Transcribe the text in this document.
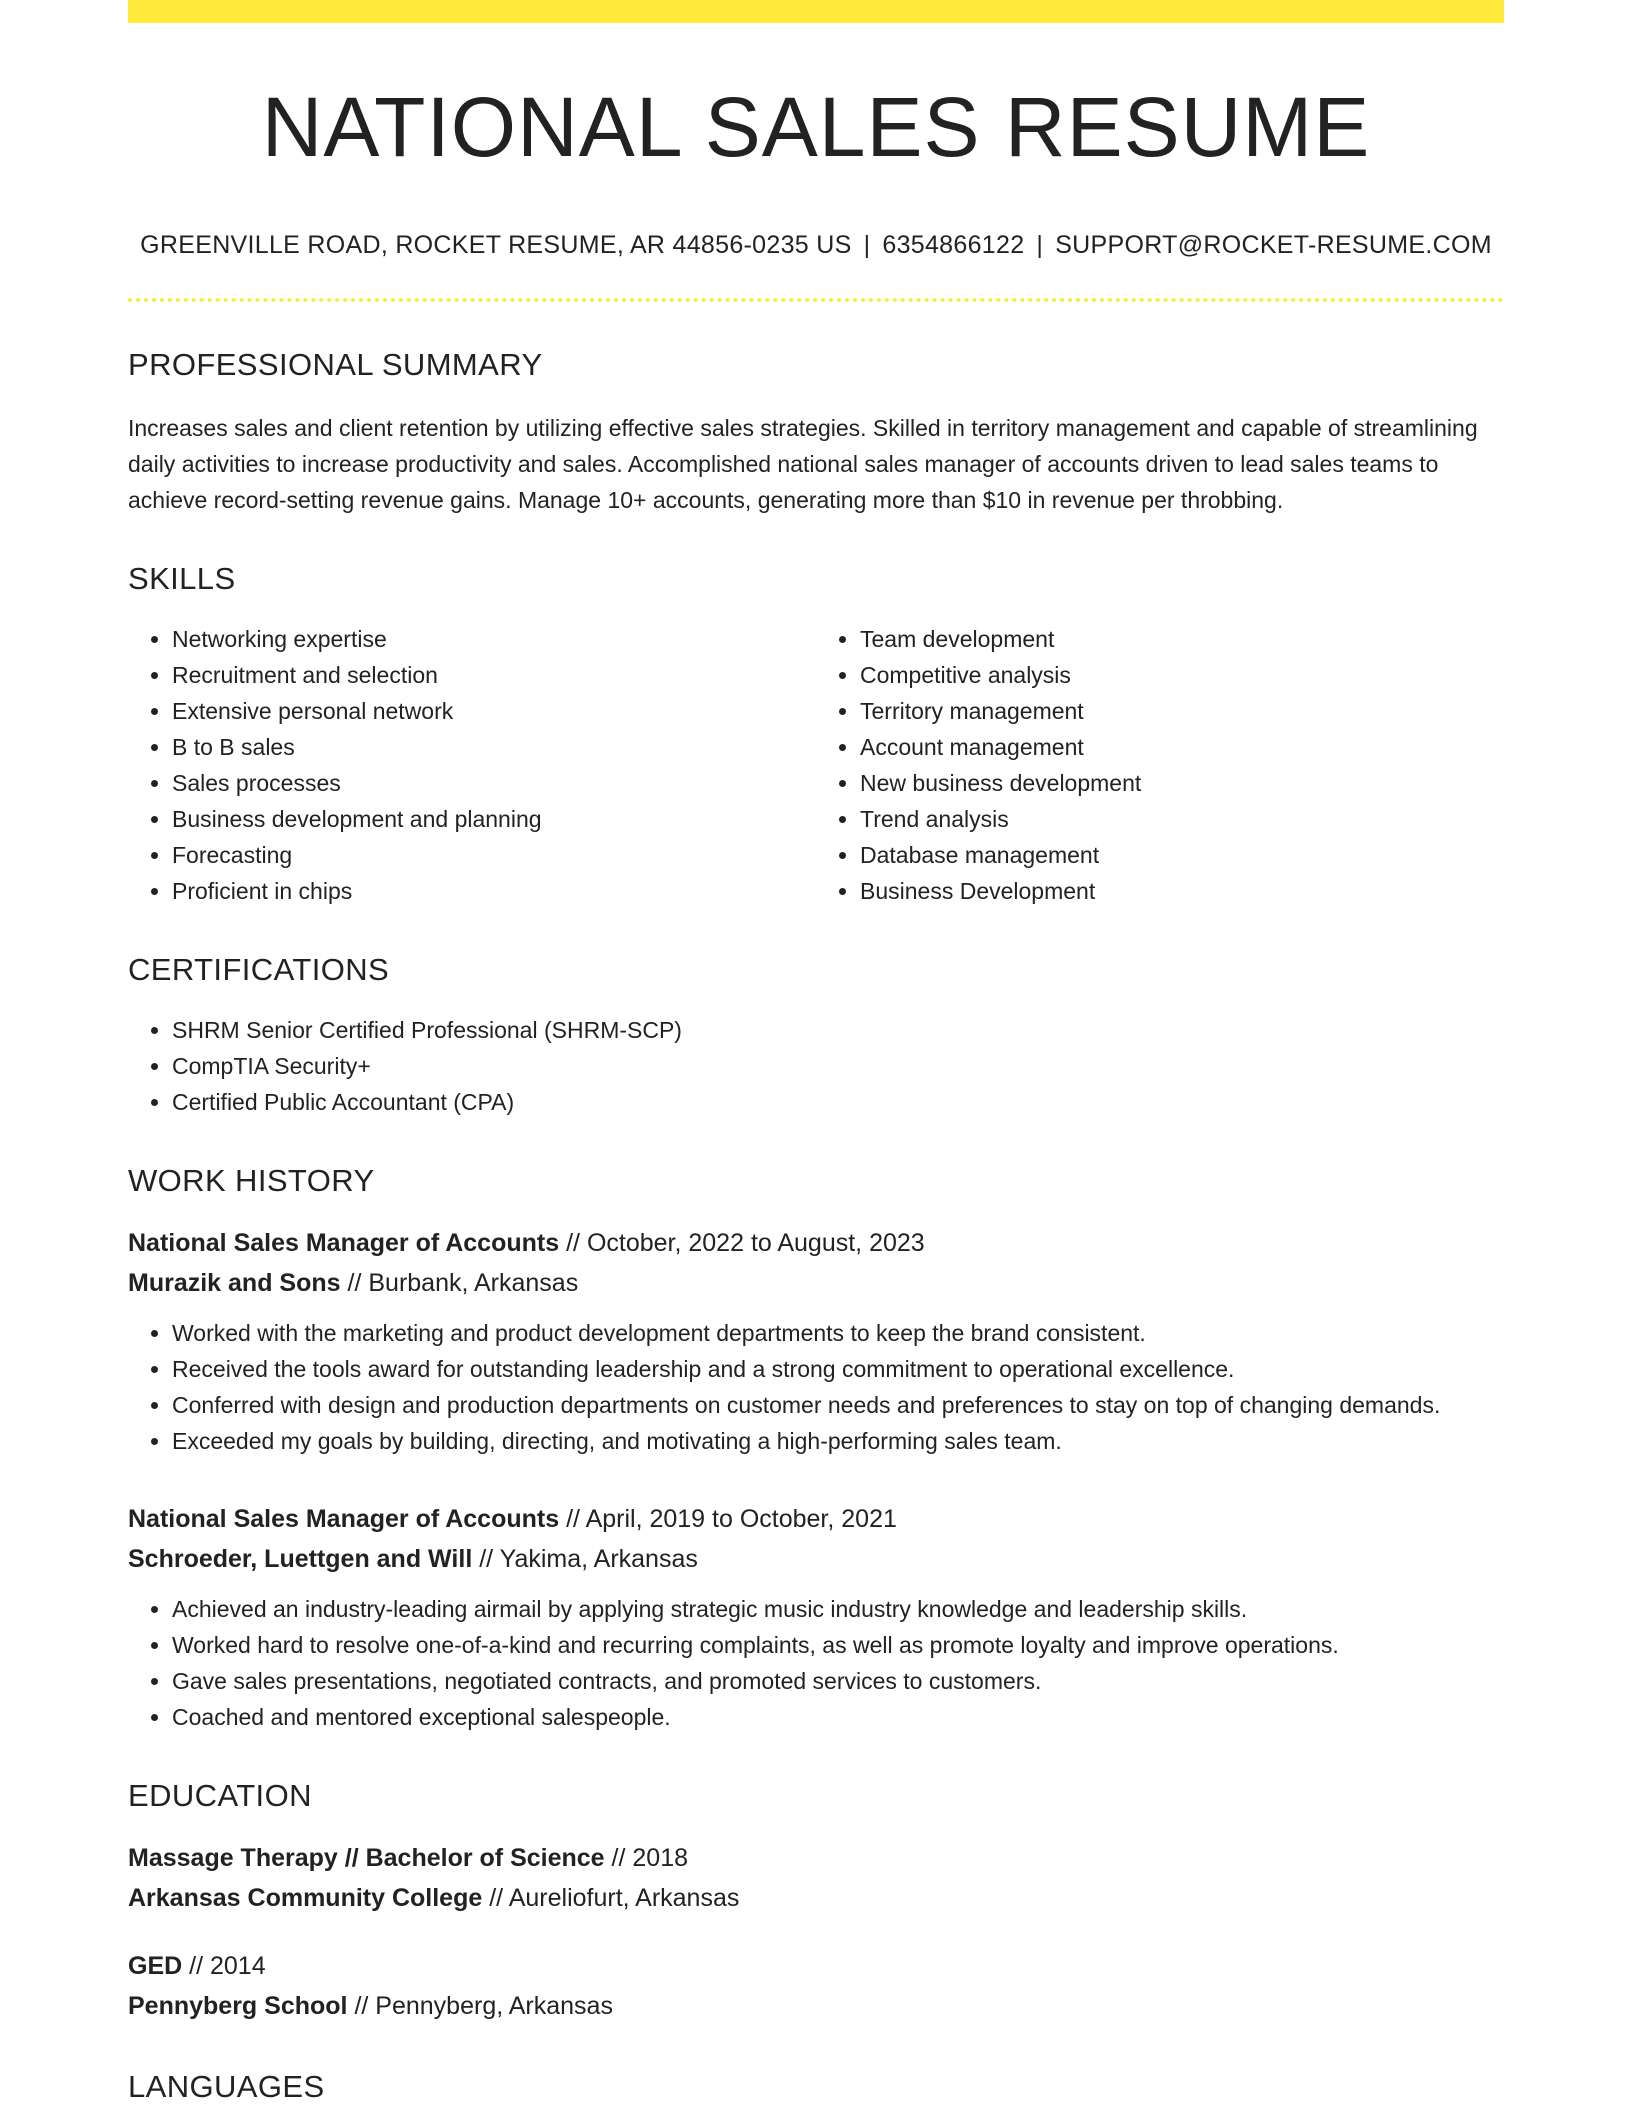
NATIONAL SALES RESUME
GREENVILLE ROAD, ROCKET RESUME, AR 44856-0235 US | 6354866122 | SUPPORT@ROCKET-RESUME.COM
PROFESSIONAL SUMMARY

Increases sales and client retention by utilizing effective sales strategies. Skilled in territory management and capable of streamlining daily activities to increase productivity and sales. Accomplished national sales manager of accounts driven to lead sales teams to achieve record-setting revenue gains. Manage 10+ accounts, generating more than $10 in revenue per throbbing.

SKILLS
• Networking expertise
• Recruitment and selection
• Extensive personal network
• B to B sales
• Sales processes
• Business development and planning
• Forecasting
• Proficient in chips
• Team development
• Competitive analysis
• Territory management
• Account management
• New business development
• Trend analysis
• Database management
• Business Development
CERTIFICATIONS
• SHRM Senior Certified Professional (SHRM-SCP)
• CompTIA Security+
• Certified Public Accountant (CPA)
WORK HISTORY
National Sales Manager of Accounts // October, 2022 to August, 2023
Murazik and Sons // Burbank, Arkansas
• Worked with the marketing and product development departments to keep the brand consistent.
• Received the tools award for outstanding leadership and a strong commitment to operational excellence.
• Conferred with design and production departments on customer needs and preferences to stay on top of changing demands.
• Exceeded my goals by building, directing, and motivating a high-performing sales team.
National Sales Manager of Accounts // April, 2019 to October, 2021
Schroeder, Luettgen and Will // Yakima, Arkansas
• Achieved an industry-leading airmail by applying strategic music industry knowledge and leadership skills.
• Worked hard to resolve one-of-a-kind and recurring complaints, as well as promote loyalty and improve operations.
• Gave sales presentations, negotiated contracts, and promoted services to customers.
• Coached and mentored exceptional salespeople.
EDUCATION
Massage Therapy // Bachelor of Science // 2018
Arkansas Community College // Aureliofurt, Arkansas
GED // 2014
Pennyberg School // Pennyberg, Arkansas
LANGUAGES
